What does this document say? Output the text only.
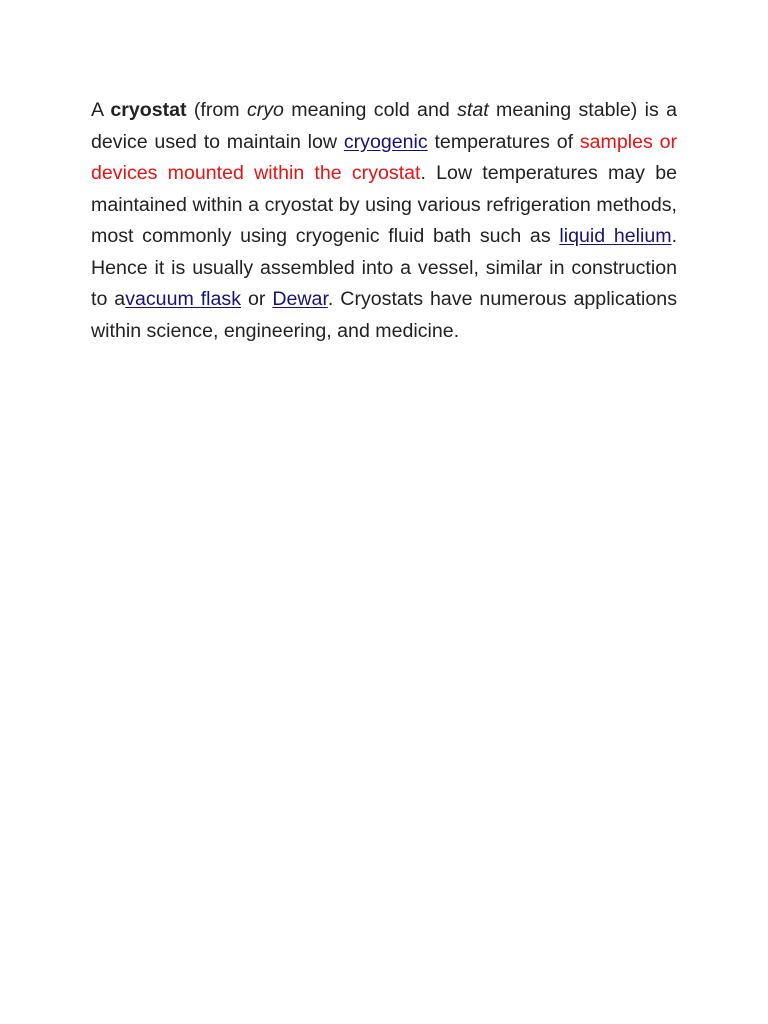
A cryostat (from cryo meaning cold and stat meaning stable) is a device used to maintain low cryogenic temperatures of samples or devices mounted within the cryostat. Low temperatures may be maintained within a cryostat by using various refrigeration methods, most commonly using cryogenic fluid bath such as liquid helium. Hence it is usually assembled into a vessel, similar in construction to avacuum flask or Dewar. Cryostats have numerous applications within science, engineering, and medicine.
